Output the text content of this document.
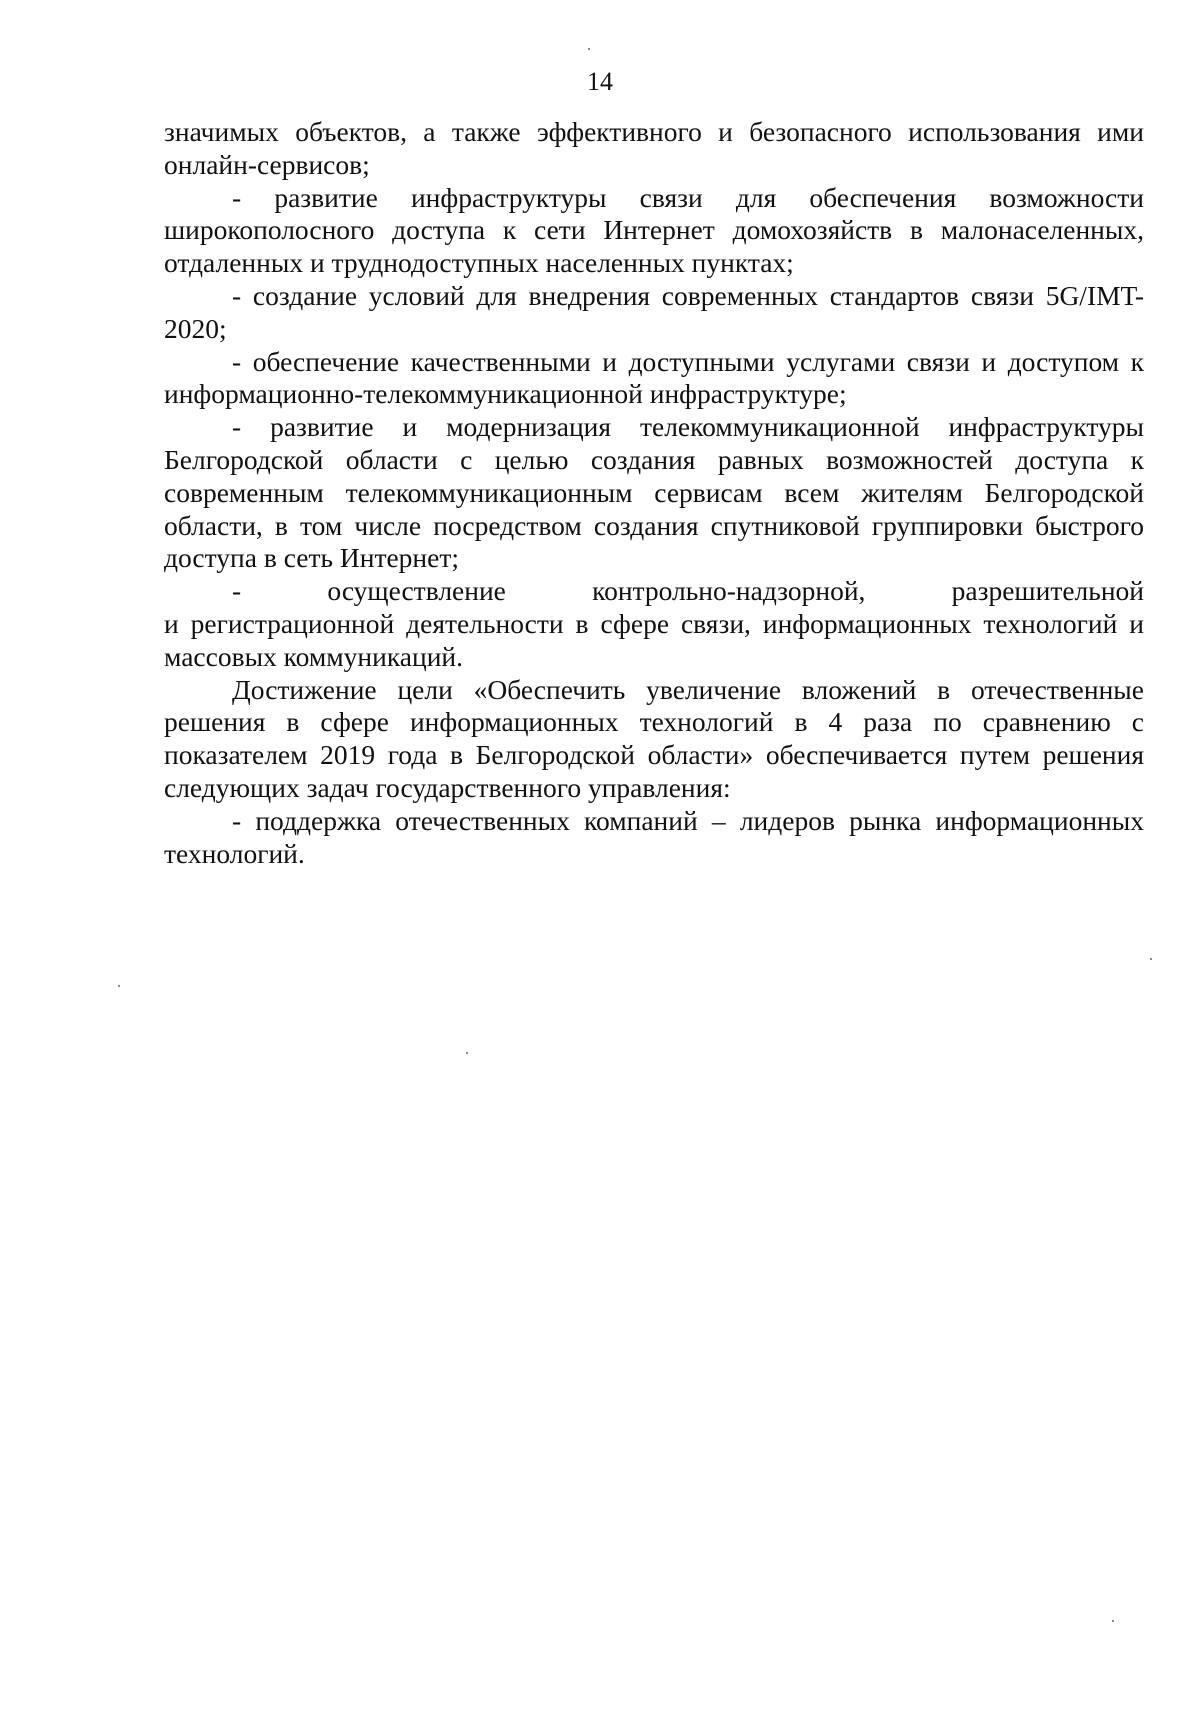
14

значимых объектов, а также эффективного и безопасного использования ими онлайн-сервисов;

- развитие инфраструктуры связи для обеспечения возможности широкополосного доступа к сети Интернет домохозяйств в малонаселенных, отдаленных и труднодоступных населенных пунктах;

- создание условий для внедрения современных стандартов связи 5G/IMT-2020;

- обеспечение качественными и доступными услугами связи и доступом к информационно-телекоммуникационной инфраструктуре;

- развитие и модернизация телекоммуникационной инфраструктуры Белгородской области с целью создания равных возможностей доступа к современным телекоммуникационным сервисам всем жителям Белгородской области, в том числе посредством создания спутниковой группировки быстрого доступа в сеть Интернет;

- осуществление контрольно-надзорной, разрешительной
и регистрационной деятельности в сфере связи, информационных технологий и массовых коммуникаций.

Достижение цели «Обеспечить увеличение вложений в отечественные решения в сфере информационных технологий в 4 раза по сравнению с показателем 2019 года в Белгородской области» обеспечивается путем решения следующих задач государственного управления:

- поддержка отечественных компаний – лидеров рынка информационных технологий.
